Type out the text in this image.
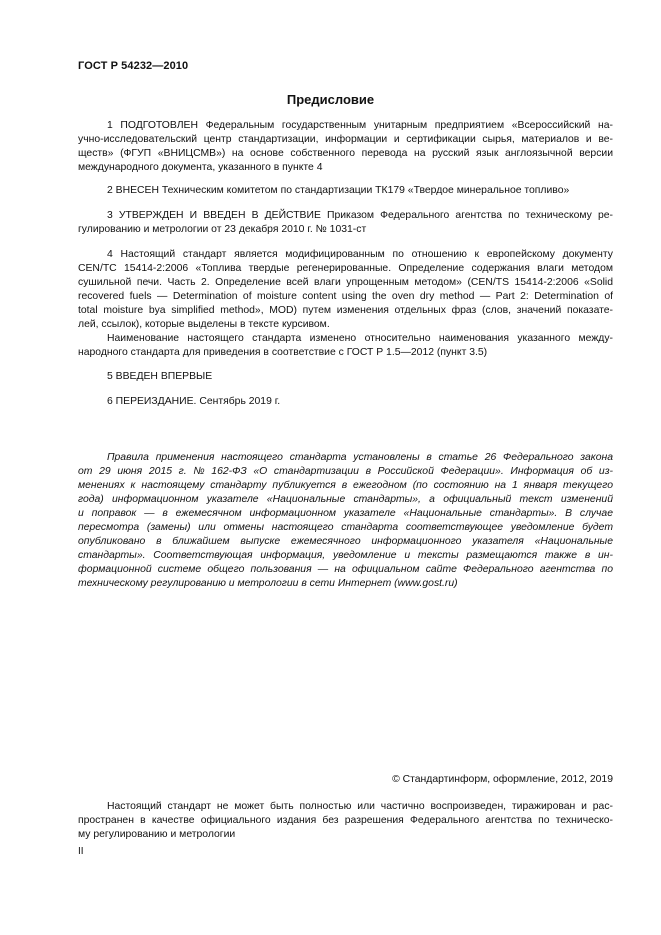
ГОСТ Р 54232—2010
Предисловие
1 ПОДГОТОВЛЕН Федеральным государственным унитарным предприятием «Всероссийский на-
учно-исследовательский центр стандартизации, информации и сертификации сырья, материалов и ве-
ществ» (ФГУП «ВНИЦСМВ») на основе собственного перевода на русский язык англоязычной версии
международного документа, указанного в пункте 4
2 ВНЕСЕН Техническим комитетом по стандартизации ТК179 «Твердое минеральное топливо»
3 УТВЕРЖДЕН И ВВЕДЕН В ДЕЙСТВИЕ Приказом Федерального агентства по техническому ре-
гулированию и метрологии от 23 декабря 2010 г. № 1031-ст
4 Настоящий стандарт является модифицированным по отношению к европейскому документу
CEN/TC 15414-2:2006 «Топлива твердые регенерированные. Определение содержания влаги методом
сушильной печи. Часть 2. Определение всей влаги упрощенным методом» (CEN/TS 15414-2:2006 «Solid
recovered fuels — Determination of moisture content using the oven dry method — Part 2: Determination of
total moisture bya simplified method», MOD) путем изменения отдельных фраз (слов, значений показате-
лей, ссылок), которые выделены в тексте курсивом.
Наименование настоящего стандарта изменено относительно наименования указанного между-
народного стандарта для приведения в соответствие с ГОСТ Р 1.5—2012 (пункт 3.5)
5 ВВЕДЕН ВПЕРВЫЕ
6 ПЕРЕИЗДАНИЕ. Сентябрь 2019 г.
Правила применения настоящего стандарта установлены в статье 26 Федерального закона
от 29 июня 2015 г. № 162-ФЗ «О стандартизации в Российской Федерации». Информация об из-
менениях к настоящему стандарту публикуется в ежегодном (по состоянию на 1 января текущего
года) информационном указателе «Национальные стандарты», а официальный текст изменений
и поправок — в ежемесячном информационном указателе «Национальные стандарты». В случае
пересмотра (замены) или отмены настоящего стандарта соответствующее уведомление будет
опубликовано в ближайшем выпуске ежемесячного информационного указателя «Национальные
стандарты». Соответствующая информация, уведомление и тексты размещаются также в ин-
формационной системе общего пользования — на официальном сайте Федерального агентства по
техническому регулированию и метрологии в сети Интернет (www.gost.ru)
© Стандартинформ, оформление, 2012, 2019
Настоящий стандарт не может быть полностью или частично воспроизведен, тиражирован и рас-
пространен в качестве официального издания без разрешения Федерального агентства по техническо-
му регулированию и метрологии
II
